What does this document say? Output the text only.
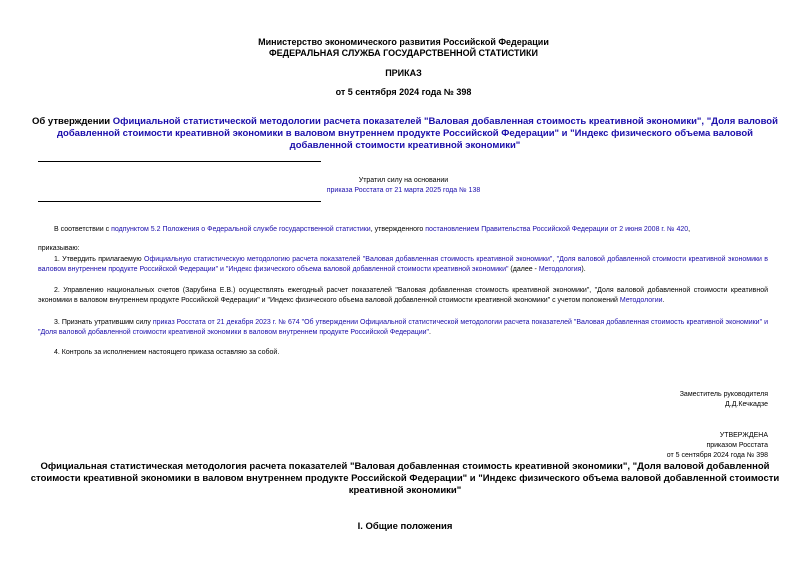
Министерство экономического развития Российской Федерации
ФЕДЕРАЛЬНАЯ СЛУЖБА ГОСУДАРСТВЕННОЙ СТАТИСТИКИ
ПРИКАЗ
от 5 сентября 2024 года № 398
Об утверждении Официальной статистической методологии расчета показателей "Валовая добавленная стоимость креативной экономики", "Доля валовой добавленной стоимости креативной экономики в валовом внутреннем продукте Российской Федерации" и "Индекс физического объема валовой добавленной стоимости креативной экономики"
Утратил силу на основании
приказа Росстата от 21 марта 2025 года № 138
В соответствии с подпунктом 5.2 Положения о Федеральной службе государственной статистики, утвержденного постановлением Правительства Российской Федерации от 2 июня 2008 г. № 420,
приказываю:
1. Утвердить прилагаемую Официальную статистическую методологию расчета показателей "Валовая добавленная стоимость креативной экономики", "Доля валовой добавленной стоимости креативной экономики в валовом внутреннем продукте Российской Федерации" и "Индекс физического объема валовой добавленной стоимости креативной экономики" (далее - Методология).
2. Управлению национальных счетов (Зарубина Е.В.) осуществлять ежегодный расчет показателей "Валовая добавленная стоимость креативной экономики", "Доля валовой добавленной стоимости креативной экономики в валовом внутреннем продукте Российской Федерации" и "Индекс физического объема валовой добавленной стоимости креативной экономики" с учетом положений Методологии.
3. Признать утратившим силу приказ Росстата от 21 декабря 2023 г. № 674 "Об утверждении Официальной статистической методологии расчета показателей "Валовая добавленная стоимость креативной экономики" и "Доля валовой добавленной стоимости креативной экономики в валовом внутреннем продукте Российской Федерации".
4. Контроль за исполнением настоящего приказа оставляю за собой.
Заместитель руководителя
Д.Д.Кечкадзе
УТВЕРЖДЕНА
приказом Росстата
от 5 сентября 2024 года № 398
Официальная статистическая методология расчета показателей "Валовая добавленная стоимость креативной экономики", "Доля валовой добавленной стоимости креативной экономики в валовом внутреннем продукте Российской Федерации" и "Индекс физического объема валовой добавленной стоимости креативной экономики"
I. Общие положения
